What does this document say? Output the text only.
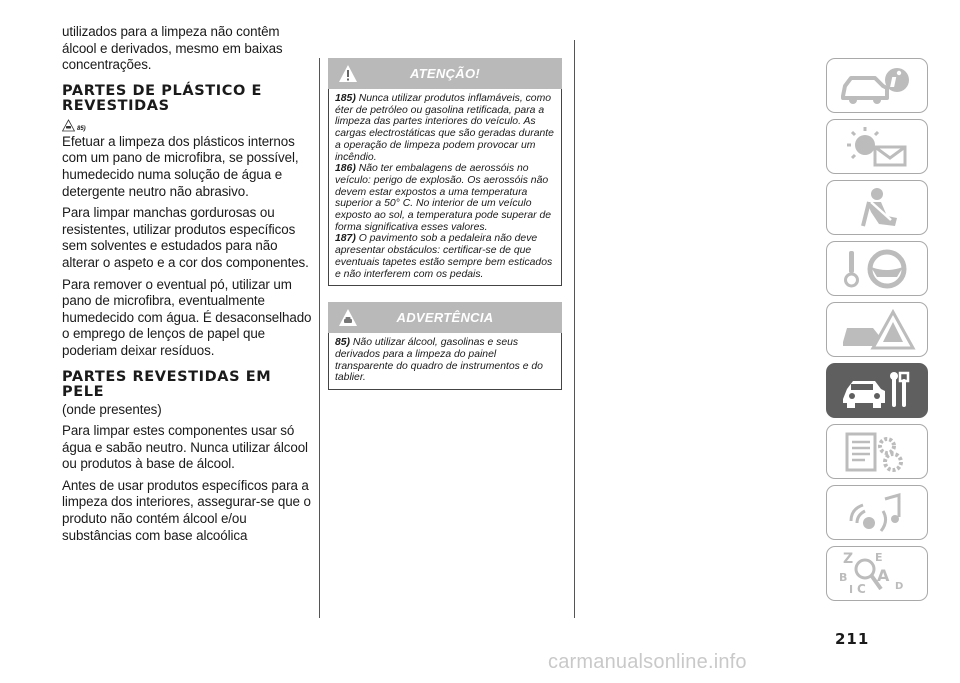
utilizados para a limpeza não contêm álcool e derivados, mesmo em baixas concentrações.

PARTES DE PLÁSTICO E REVESTIDAS
85)

Efetuar a limpeza dos plásticos internos com um pano de microfibra, se possível, humedecido numa solução de água e detergente neutro não abrasivo.

Para limpar manchas gordurosas ou resistentes, utilizar produtos específicos sem solventes e estudados para não alterar o aspeto e a cor dos componentes.

Para remover o eventual pó, utilizar um pano de microfibra, eventualmente humedecido com água. É desaconselhado o emprego de lenços de papel que poderiam deixar resíduos.

PARTES REVESTIDAS EM PELE

(onde presentes)

Para limpar estes componentes usar só água e sabão neutro. Nunca utilizar álcool ou produtos à base de álcool.

Antes de usar produtos específicos para a limpeza dos interiores, assegurar-se que o produto não contém álcool e/ou substâncias com base alcoólica

ATENÇÃO!

185) Nunca utilizar produtos inflamáveis, como éter de petróleo ou gasolina retificada, para a limpeza das partes interiores do veículo. As cargas electrostáticas que são geradas durante a operação de limpeza podem provocar um incêndio.

186) Não ter embalagens de aerossóis no veículo: perigo de explosão. Os aerossóis não devem estar expostos a uma temperatura superior a 50° C. No interior de um veículo exposto ao sol, a temperatura pode superar de forma significativa esses valores.

187) O pavimento sob a pedaleira não deve apresentar obstáculos: certificar-se de que eventuais tapetes estão sempre bem esticados e não interferem com os pedais.

ADVERTÊNCIA

85) Não utilizar álcool, gasolinas e seus derivados para a limpeza do painel transparente do quadro de instrumentos e do tablier.

Z E
B A
I C	D
211
carmanualsonline.info
